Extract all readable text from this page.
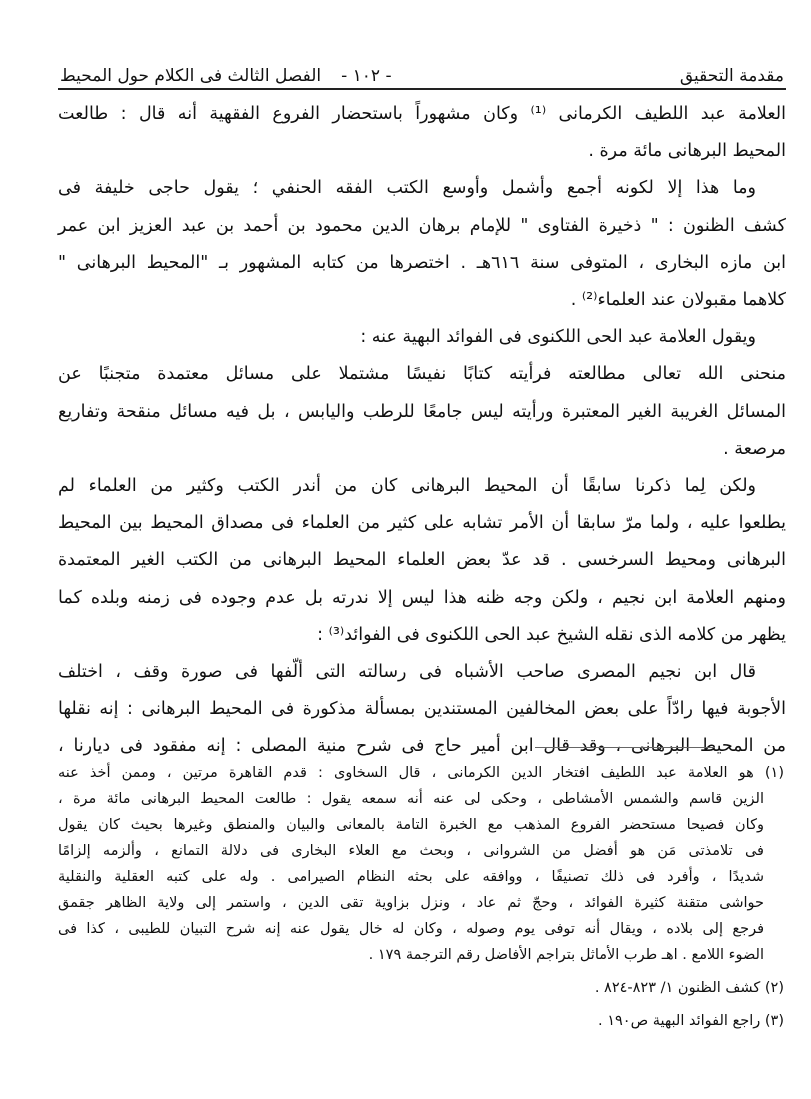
مقدمة التحقيق
- ١٠٢ -
الفصل الثالث فى الكلام حول المحيط
العلامة عبد اللطيف الكرمانى ⁽¹⁾ وكان مشهوراً باستحضار الفروع الفقهية أنه قال : طالعت
المحيط البرهانى مائة مرة .
وما هذا إلا لكونه أجمع وأشمل وأوسع الكتب الفقه الحنفي ؛ يقول حاجى خليفة فى
كشف الظنون : " ذخيرة الفتاوى " للإمام برهان الدين محمود بن أحمد بن عبد العزيز ابن عمر
ابن مازه البخارى ، المتوفى سنة ٦١٦هـ . اختصرها من كتابه المشهور بـ "المحيط البرهانى "
كلاهما مقبولان عند العلماء⁽²⁾ .
ويقول العلامة عبد الحى اللكنوى فى الفوائد البهية عنه :
منحنى الله تعالى مطالعته فرأيته كتابًا نفيسًا مشتملا على مسائل معتمدة متجنبًا عن
المسائل الغريبة الغير المعتبرة ورأيته ليس جامعًا للرطب واليابس ، بل فيه مسائل منقحة وتفاريع
مرصعة .
ولكن لِما ذكرنا سابقًا أن المحيط البرهانى كان من أندر الكتب وكثير من العلماء لم
يطلعوا عليه ، ولما مرّ سابقا أن الأمر تشابه على كثير من العلماء فى مصداق المحيط بين المحيط
البرهانى ومحيط السرخسى . قد عدّ بعض العلماء المحيط البرهانى من الكتب الغير المعتمدة
ومنهم العلامة ابن نجيم ، ولكن وجه ظنه هذا ليس إلا ندرته بل عدم وجوده فى زمنه وبلده كما
يظهر من كلامه الذى نقله الشيخ عبد الحى اللكنوى فى الفوائد⁽³⁾ :
قال ابن نجيم المصرى صاحب الأشباه فى رسالته التى ألّفها فى صورة وقف ، اختلف
الأجوبة فيها رادّاً على بعض المخالفين المستندين بمسألة مذكورة فى المحيط البرهانى : إنه نقلها
من المحيط البرهانى ، وقد قال ابن أمير حاج فى شرح منية المصلى : إنه مفقود فى ديارنا ،
(١) هو العلامة عبد اللطيف افتخار الدين الكرمانى ، قال السخاوى : قدم القاهرة مرتين ، وممن أخذ عنه
الزين قاسم والشمس الأمشاطى ، وحكى لى عنه أنه سمعه يقول : طالعت المحيط البرهانى مائة مرة ،
وكان فصيحا مستحضر الفروع المذهب مع الخبرة التامة بالمعانى والبيان والمنطق وغيرها بحيث كان يقول
فى تلامذتى مَن هو أفضل من الشروانى ، وبحث مع العلاء البخارى فى دلالة التمانع ، وألزمه إلزامًا
شديدًا ، وأفرد فى ذلك تصنيفًا ، ووافقه على بحثه النظام الصيرامى . وله على كتبه العقلية والنقلية
حواشى متقنة كثيرة الفوائد ، وحجّ ثم عاد ، ونزل بزاوية تقى الدين ، واستمر إلى ولاية الظاهر جقمق
فرجع إلى بلاده ، ويقال أنه توفى يوم وصوله ، وكان له خال يقول عنه إنه شرح التبيان للطيبى ، كذا فى
الضوء اللامع . اهـ طرب الأماثل بتراجم الأفاضل رقم الترجمة ١٧٩ .
(٢) كشف الظنون ١/ ٨٢٣-٨٢٤ .
(٣) راجع الفوائد البهية ص١٩٠ .
